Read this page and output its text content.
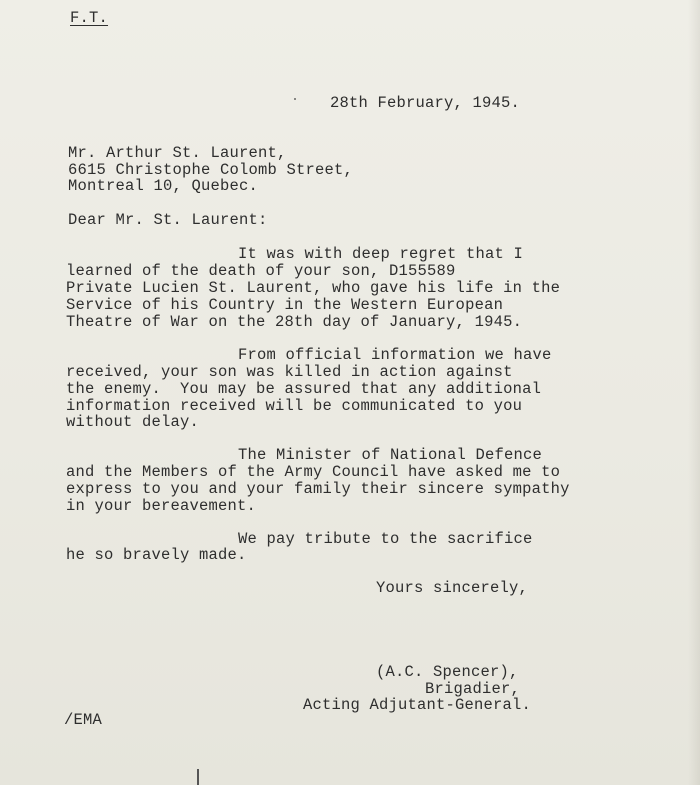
F.T.
28th February, 1945.
Mr. Arthur St. Laurent,
6615 Christophe Colomb Street,
Montreal 10, Quebec.
Dear Mr. St. Laurent:
It was with deep regret that I
learned of the death of your son, D155589
Private Lucien St. Laurent, who gave his life in the
Service of his Country in the Western European
Theatre of War on the 28th day of January, 1945.
From official information we have
received, your son was killed in action against
the enemy.  You may be assured that any additional
information received will be communicated to you
without delay.
The Minister of National Defence
and the Members of the Army Council have asked me to
express to you and your family their sincere sympathy
in your bereavement.
We pay tribute to the sacrifice
he so bravely made.
Yours sincerely,
(A.C. Spencer),
Brigadier,
Acting Adjutant-General.
/EMA
